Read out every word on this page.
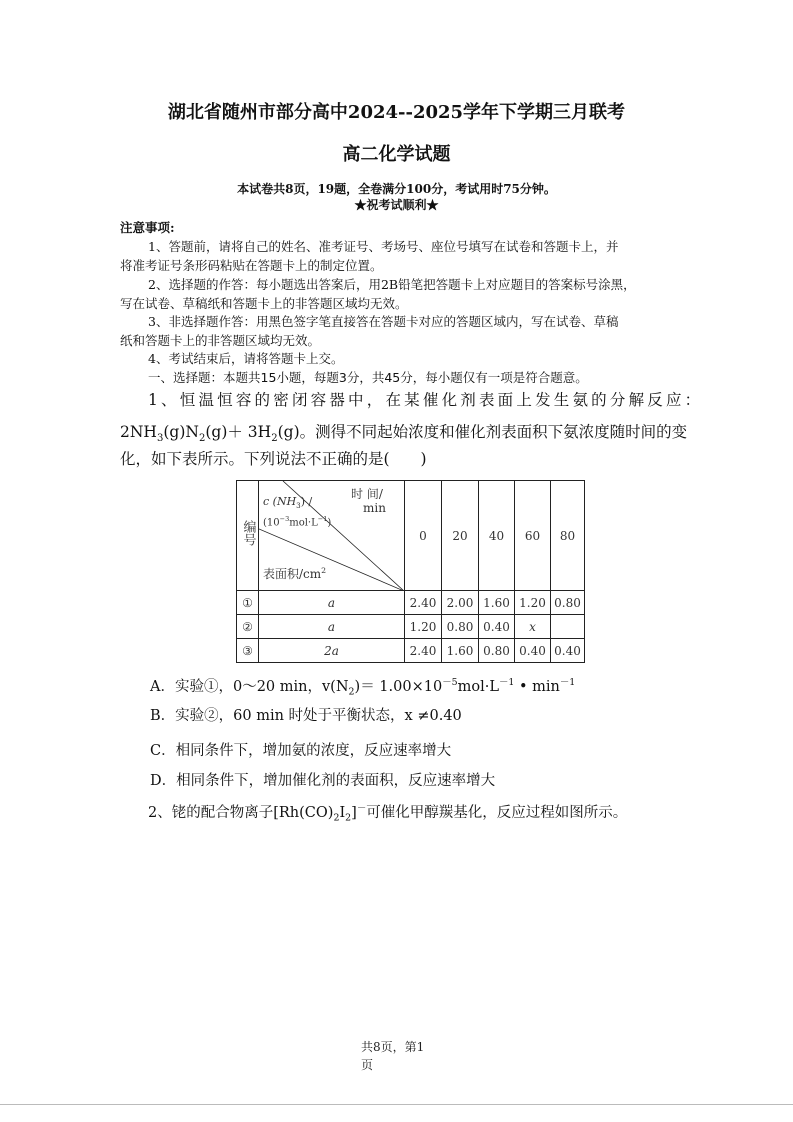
湖北省随州市部分高中2024--2025学年下学期三月联考
高二化学试题
本试卷共8页，19题，全卷满分100分，考试用时75分钟。
★祝考试顺利★
注意事项:
1、答题前，请将自己的姓名、准考证号、考场号、座位号填写在试卷和答题卡上，并
将准考证号条形码粘贴在答题卡上的制定位置。
2、选择题的作答：每小题选出答案后，用2B铅笔把答题卡上对应题目的答案标号涂黑，
写在试卷、草稿纸和答题卡上的非答题区域均无效。
3、非选择题作答：用黑色签字笔直接答在答题卡对应的答题区域内，写在试卷、草稿
纸和答题卡上的非答题区域均无效。
4、考试结束后，请将答题卡上交。
一、选择题：本题共15小题，每题3分，共45分，每小题仅有一项是符合题意。
1、恒温恒容的密闭容器中，在某催化剂表面上发生氨的分解反应：
$2NH_3(g)N_2(g)+ 3H_2(g)$。测得不同起始浓度和催化剂表面积下氨浓度随时间的变
化，如下表所示。下列说法不正确的是(　　)
编号	时 间/
min
c $(NH_3)$ /
$(10^{-3}mol\cdot L^{-1})$
表面积$/cm^2$	0	20	40	60	80
①	a	2.40	2.00	1.60	1.20	0.80
②	a	1.20	0.80	0.40	x	
③	2a	2.40	1.60	0.80	0.40	0.40
A．实验①，0～20 min，$v(N_2)= 1.00\times 10^{-5}mol\cdot L^{-1}$ • $\min^{-1}$
B．实验②，60 min 时处于平衡状态，x ≠0.40
C．相同条件下，增加氨的浓度，反应速率增大
D．相同条件下，增加催化剂的表面积，反应速率增大
2、铑的配合物离子$[Rh(CO)_2I_2]^-$可催化甲醇羰基化，反应过程如图所示。
共8页，第1
页
